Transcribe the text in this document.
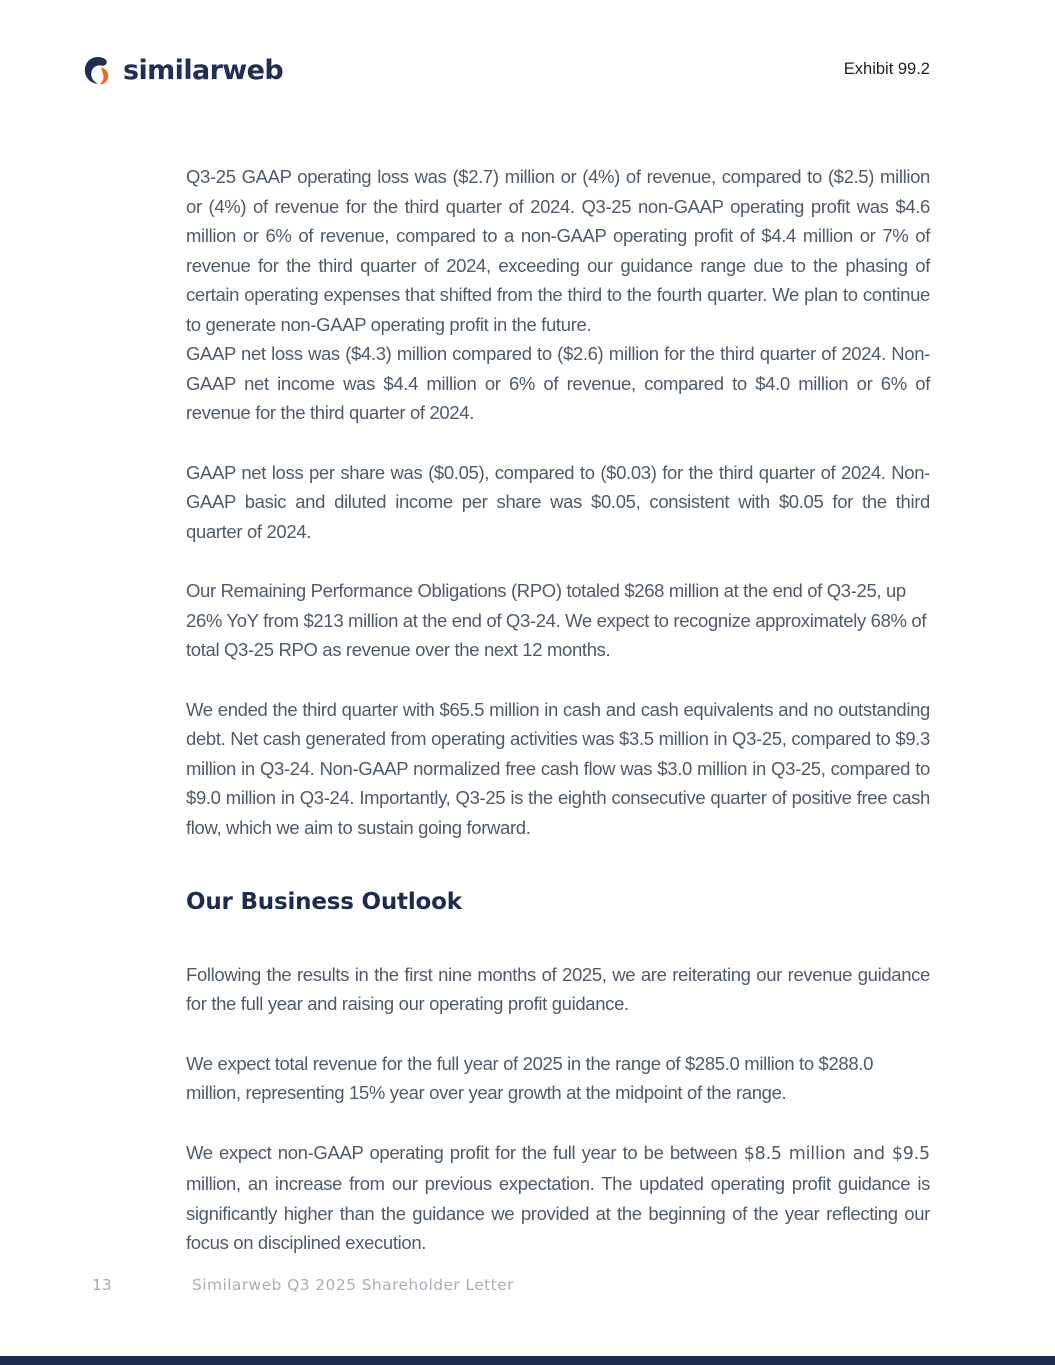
similarweb	Exhibit 99.2

Q3-25 GAAP operating loss was ($2.7) million or (4%) of revenue, compared to ($2.5) million or (4%) of revenue for the third quarter of 2024. Q3-25 non-GAAP operating profit was $4.6 million or 6% of revenue, compared to a non-GAAP operating profit of $4.4 million or 7% of revenue for the third quarter of 2024, exceeding our guidance range due to the phasing of certain operating expenses that shifted from the third to the fourth quarter. We plan to continue to generate non-GAAP operating profit in the future.

GAAP net loss was ($4.3) million compared to ($2.6) million for the third quarter of 2024. Non-GAAP net income was $4.4 million or 6% of revenue, compared to $4.0 million or 6% of revenue for the third quarter of 2024.

GAAP net loss per share was ($0.05), compared to ($0.03) for the third quarter of 2024. Non-GAAP basic and diluted income per share was $0.05, consistent with $0.05 for the third quarter of 2024.

Our Remaining Performance Obligations (RPO) totaled $268 million at the end of Q3-25, up 26% YoY from $213 million at the end of Q3-24. We expect to recognize approximately 68% of total Q3-25 RPO as revenue over the next 12 months.

We ended the third quarter with $65.5 million in cash and cash equivalents and no outstanding debt. Net cash generated from operating activities was $3.5 million in Q3-25, compared to $9.3 million in Q3-24. Non-GAAP normalized free cash flow was $3.0 million in Q3-25, compared to $9.0 million in Q3-24. Importantly, Q3-25 is the eighth consecutive quarter of positive free cash flow, which we aim to sustain going forward.

Our Business Outlook

Following the results in the first nine months of 2025, we are reiterating our revenue guidance for the full year and raising our operating profit guidance.

We expect total revenue for the full year of 2025 in the range of $285.0 million to $288.0 million, representing 15% year over year growth at the midpoint of the range.

We expect non-GAAP operating profit for the full year to be between $8.5 million and $9.5 million, an increase from our previous expectation. The updated operating profit guidance is significantly higher than the guidance we provided at the beginning of the year reflecting our focus on disciplined execution.

13	Similarweb Q3 2025 Shareholder Letter
